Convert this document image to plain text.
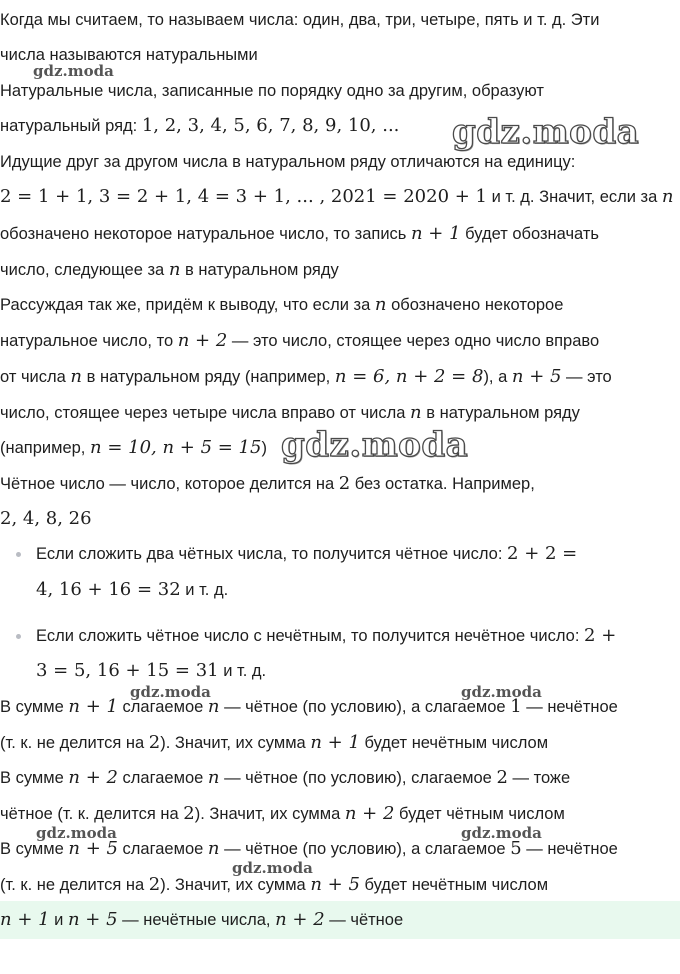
Когда мы считаем, то называем числа: один, два, три, четыре, пять и т. д. Эти
числа называются натуральными
Натуральные числа, записанные по порядку одно за другим, образуют
натуральный ряд: 1, 2, 3, 4, 5, 6, 7, 8, 9, 10, ...
Идущие друг за другом числа в натуральном ряду отличаются на единицу:
2 = 1 + 1, 3 = 2 + 1, 4 = 3 + 1, ... , 2021 = 2020 + 1 и т. д. Значит, если за n
обозначено некоторое натуральное число, то запись n + 1 будет обозначать
число, следующее за n в натуральном ряду
Рассуждая так же, придём к выводу, что если за n обозначено некоторое
натуральное число, то n + 2 — это число, стоящее через одно число вправо
от числа n в натуральном ряду (например, n = 6, n + 2 = 8), а n + 5 — это
число, стоящее через четыре числа вправо от числа n в натуральном ряду
(например, n = 10, n + 5 = 15)
Чётное число — число, которое делится на 2 без остатка. Например,
2, 4, 8, 26
Если сложить два чётных числа, то получится чётное число: 2 + 2 =
4, 16 + 16 = 32 и т. д.
Если сложить чётное число с нечётным, то получится нечётное число: 2 +
3 = 5, 16 + 15 = 31 и т. д.
В сумме n + 1 слагаемое n — чётное (по условию), а слагаемое 1 — нечётное
(т. к. не делится на 2). Значит, их сумма n + 1 будет нечётным числом
В сумме n + 2 слагаемое n — чётное (по условию), слагаемое 2 — тоже
чётное (т. к. делится на 2). Значит, их сумма n + 2 будет чётным числом
В сумме n + 5 слагаемое n — чётное (по условию), а слагаемое 5 — нечётное
(т. к. не делится на 2). Значит, их сумма n + 5 будет нечётным числом
n + 1 и n + 5 — нечётные числа, n + 2 — чётное
gdz.moda
gdz.moda
gdz.moda
gdz.moda	gdz.moda
gdz.moda	gdz.moda
gdz.moda
